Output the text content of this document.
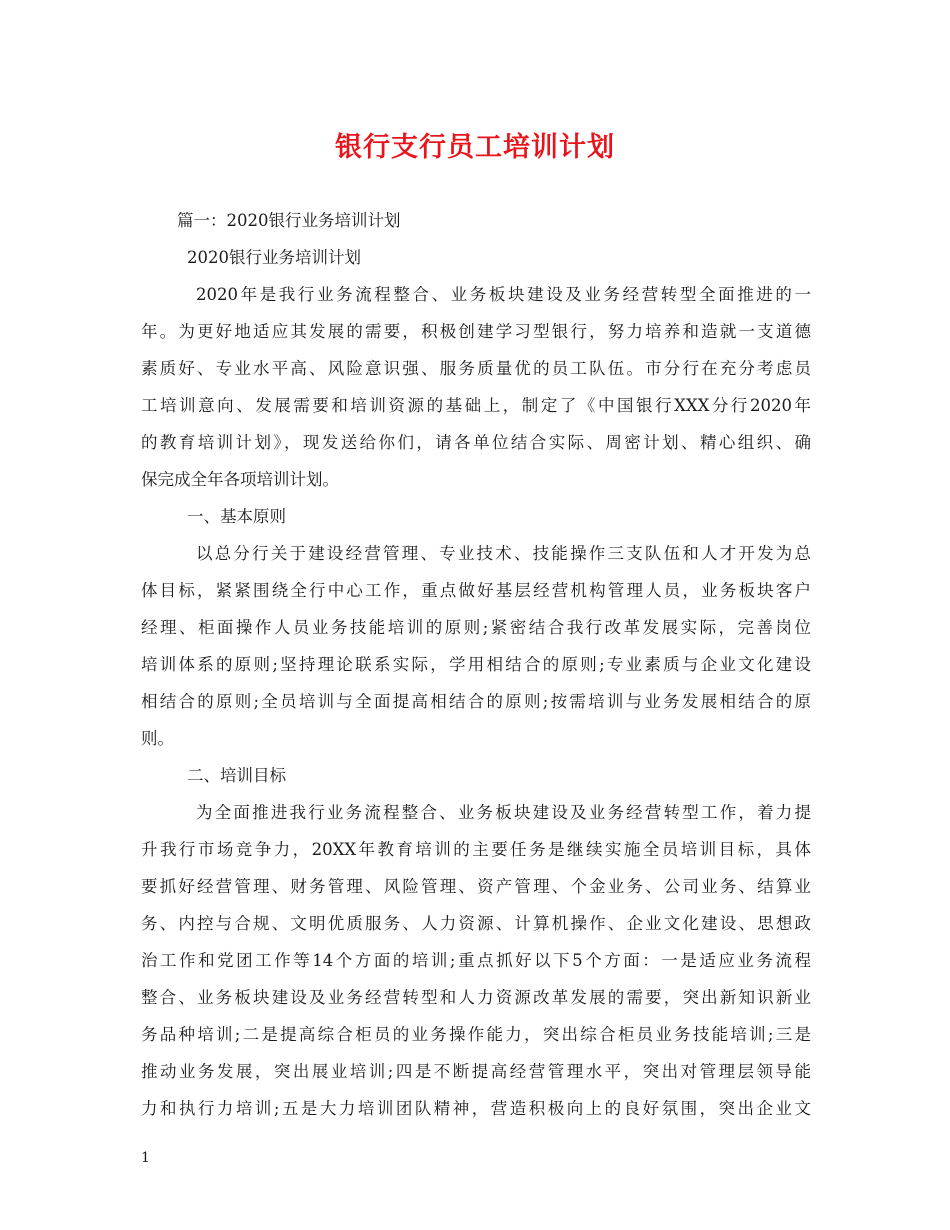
银行支行员工培训计划
篇一：2020银行业务培训计划
2020银行业务培训计划
2020年是我行业务流程整合、业务板块建设及业务经营转型全面推进的一
年。为更好地适应其发展的需要，积极创建学习型银行，努力培养和造就一支道德
素质好、专业水平高、风险意识强、服务质量优的员工队伍。市分行在充分考虑员
工培训意向、发展需要和培训资源的基础上，制定了《中国银行XXX分行2020年
的教育培训计划》，现发送给你们，请各单位结合实际、周密计划、精心组织、确
保完成全年各项培训计划。
一、基本原则
以总分行关于建设经营管理、专业技术、技能操作三支队伍和人才开发为总
体目标，紧紧围绕全行中心工作，重点做好基层经营机构管理人员，业务板块客户
经理、柜面操作人员业务技能培训的原则;紧密结合我行改革发展实际，完善岗位
培训体系的原则;坚持理论联系实际，学用相结合的原则;专业素质与企业文化建设
相结合的原则;全员培训与全面提高相结合的原则;按需培训与业务发展相结合的原
则。
二、培训目标
为全面推进我行业务流程整合、业务板块建设及业务经营转型工作，着力提
升我行市场竞争力，20XX年教育培训的主要任务是继续实施全员培训目标，具体
要抓好经营管理、财务管理、风险管理、资产管理、个金业务、公司业务、结算业
务、内控与合规、文明优质服务、人力资源、计算机操作、企业文化建设、思想政
治工作和党团工作等14个方面的培训;重点抓好以下5个方面：一是适应业务流程
整合、业务板块建设及业务经营转型和人力资源改革发展的需要，突出新知识新业
务品种培训;二是提高综合柜员的业务操作能力，突出综合柜员业务技能培训;三是
推动业务发展，突出展业培训;四是不断提高经营管理水平，突出对管理层领导能
力和执行力培训;五是大力培训团队精神，营造积极向上的良好氛围，突出企业文
1
